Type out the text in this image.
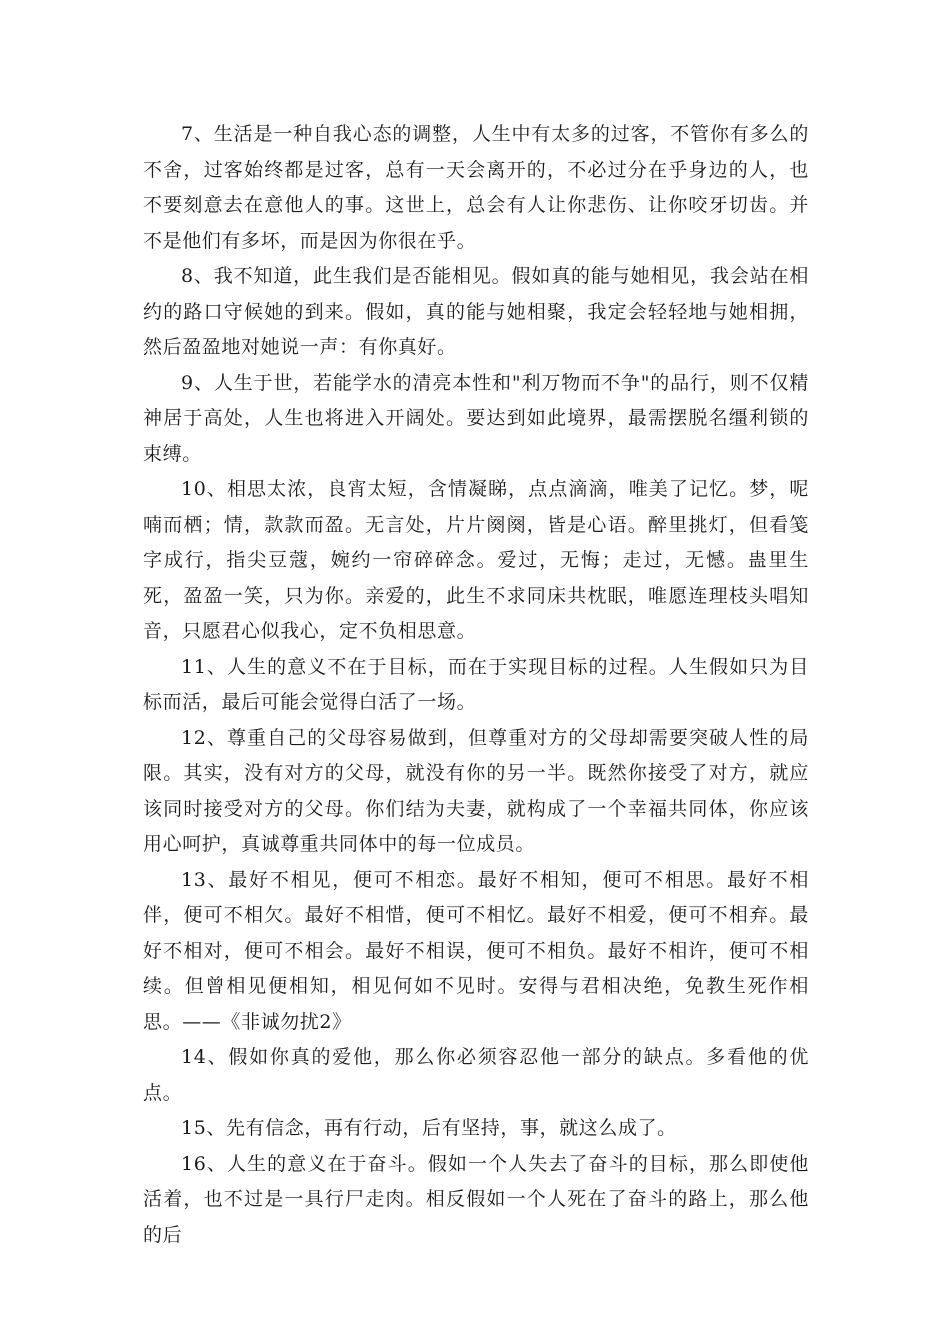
7、生活是一种自我心态的调整，人生中有太多的过客，不管你有多么的不舍，过客始终都是过客，总有一天会离开的，不必过分在乎身边的人，也不要刻意去在意他人的事。这世上，总会有人让你悲伤、让你咬牙切齿。并不是他们有多坏，而是因为你很在乎。

8、我不知道，此生我们是否能相见。假如真的能与她相见，我会站在相约的路口守候她的到来。假如，真的能与她相聚，我定会轻轻地与她相拥，然后盈盈地对她说一声：有你真好。

9、人生于世，若能学水的清亮本性和"利万物而不争"的品行，则不仅精神居于高处，人生也将进入开阔处。要达到如此境界，最需摆脱名缰利锁的束缚。

10、相思太浓，良宵太短，含情凝睇，点点滴滴，唯美了记忆。梦，呢喃而栖；情，款款而盈。无言处，片片阕阕，皆是心语。醉里挑灯，但看笺字成行，指尖豆蔻，婉约一帘碎碎念。爱过，无悔；走过，无憾。蛊里生死，盈盈一笑，只为你。亲爱的，此生不求同床共枕眠，唯愿连理枝头唱知音，只愿君心似我心，定不负相思意。

11、人生的意义不在于目标，而在于实现目标的过程。人生假如只为目标而活，最后可能会觉得白活了一场。

12、尊重自己的父母容易做到，但尊重对方的父母却需要突破人性的局限。其实，没有对方的父母，就没有你的另一半。既然你接受了对方，就应该同时接受对方的父母。你们结为夫妻，就构成了一个幸福共同体，你应该用心呵护，真诚尊重共同体中的每一位成员。

13、最好不相见，便可不相恋。最好不相知，便可不相思。最好不相伴，便可不相欠。最好不相惜，便可不相忆。最好不相爱，便可不相弃。最好不相对，便可不相会。最好不相误，便可不相负。最好不相许，便可不相续。但曾相见便相知，相见何如不见时。安得与君相决绝，免教生死作相思。——《非诚勿扰2》

14、假如你真的爱他，那么你必须容忍他一部分的缺点。多看他的优点。

15、先有信念，再有行动，后有坚持，事，就这么成了。

16、人生的意义在于奋斗。假如一个人失去了奋斗的目标，那么即使他活着，也不过是一具行尸走肉。相反假如一个人死在了奋斗的路上，那么他的后
